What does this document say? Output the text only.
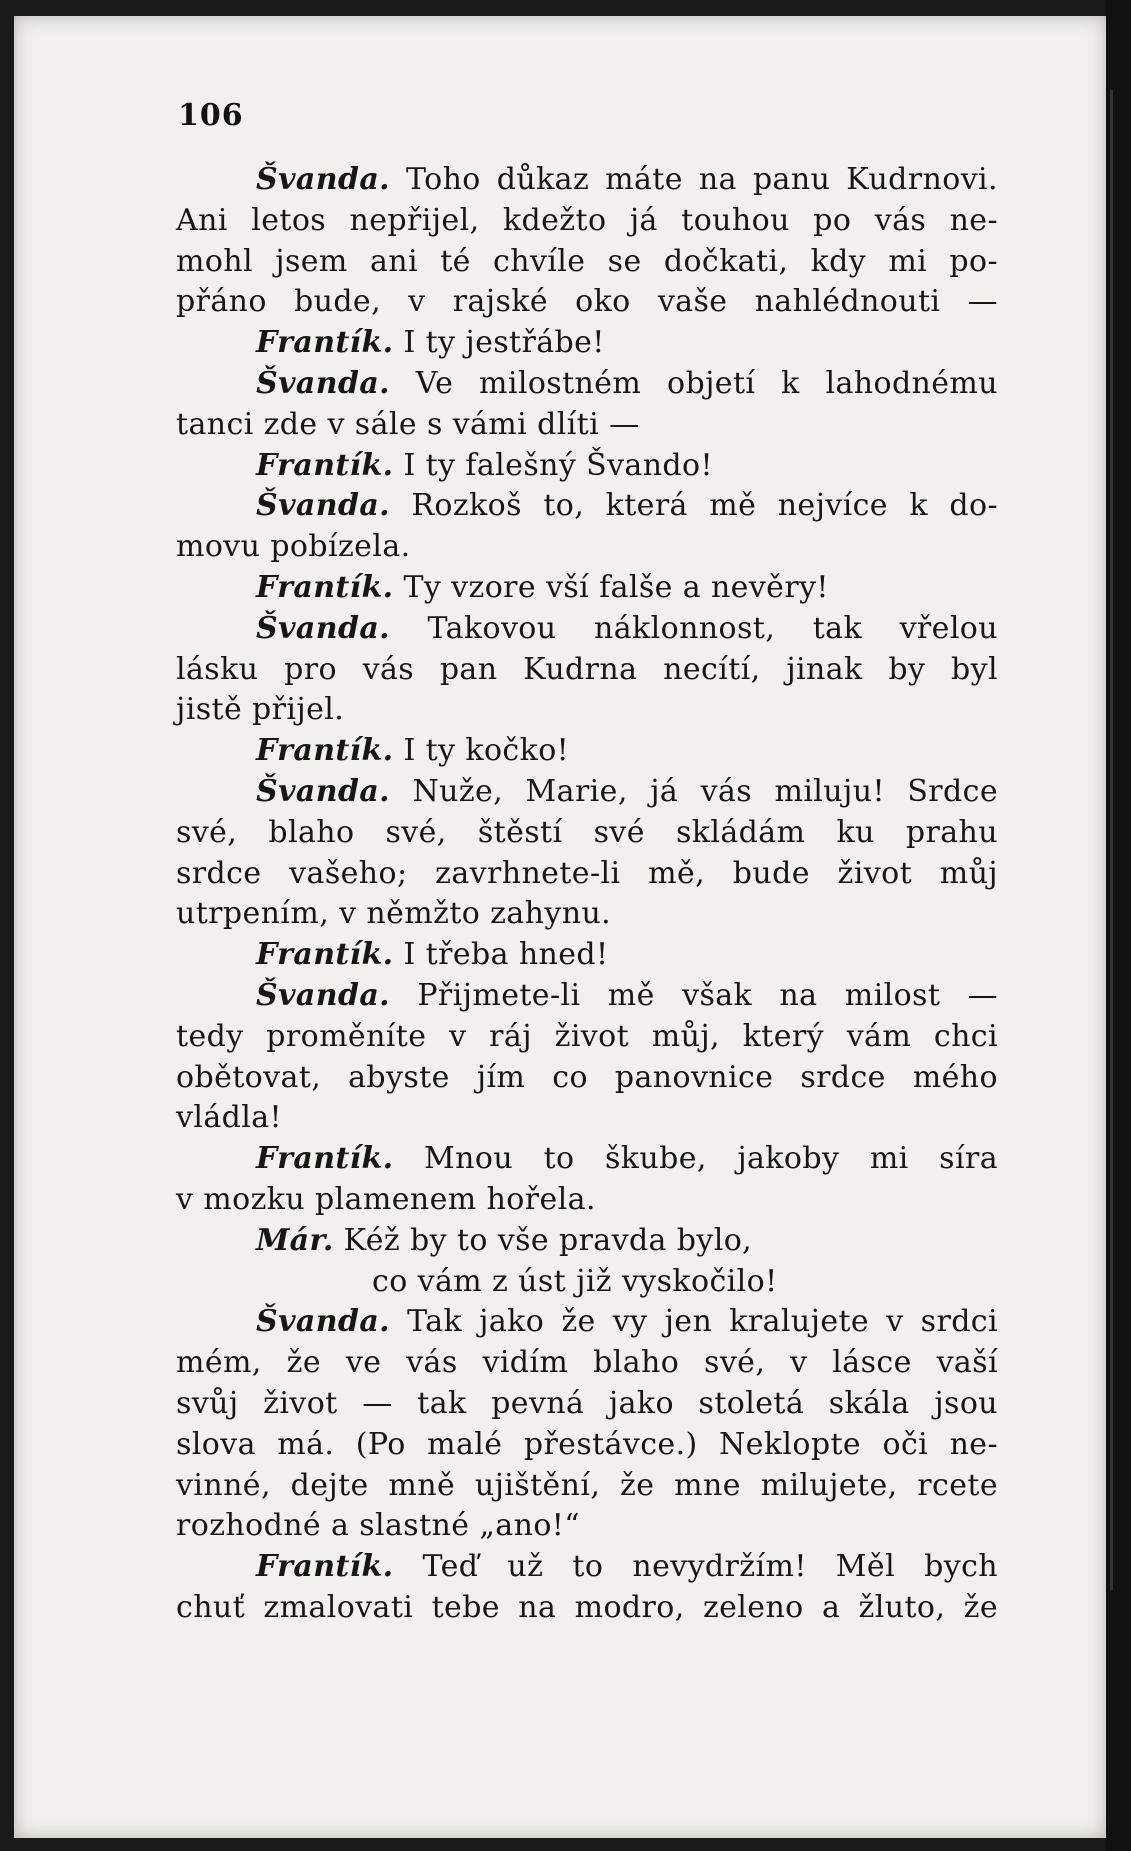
106
Švanda. Toho důkaz máte na panu Kudrnovi.
Ani letos nepřijel, kdežto já touhou po vás ne-
mohl jsem ani té chvíle se dočkati, kdy mi po-
přáno bude, v rajské oko vaše nahlédnouti —
Frantík. I ty jestřábe!
Švanda. Ve milostném objetí k lahodnému
tanci zde v sále s vámi dlíti —
Frantík. I ty falešný Švando!
Švanda. Rozkoš to, která mě nejvíce k do-
movu pobízela.
Frantík. Ty vzore vší falše a nevěry!
Švanda. Takovou náklonnost, tak vřelou
lásku pro vás pan Kudrna necítí, jinak by byl
jistě přijel.
Frantík. I ty kočko!
Švanda. Nuže, Marie, já vás miluju! Srdce
své, blaho své, štěstí své skládám ku prahu
srdce vašeho; zavrhnete-li mě, bude život můj
utrpením, v němžto zahynu.
Frantík. I třeba hned!
Švanda. Přijmete-li mě však na milost —
tedy proměníte v ráj život můj, který vám chci
obětovat, abyste jím co panovnice srdce mého
vládla!
Frantík. Mnou to škube, jakoby mi síra
v mozku plamenem hořela.
Már. Kéž by to vše pravda bylo,
co vám z úst již vyskočilo!
Švanda. Tak jako že vy jen kralujete v srdci
mém, že ve vás vidím blaho své, v lásce vaší
svůj život — tak pevná jako stoletá skála jsou
slova má. (Po malé přestávce.) Neklopte oči ne-
vinné, dejte mně ujištění, že mne milujete, rcete
rozhodné a slastné „ano!“
Frantík. Teď už to nevydržím! Měl bych
chuť zmalovati tebe na modro, zeleno a žluto, že
